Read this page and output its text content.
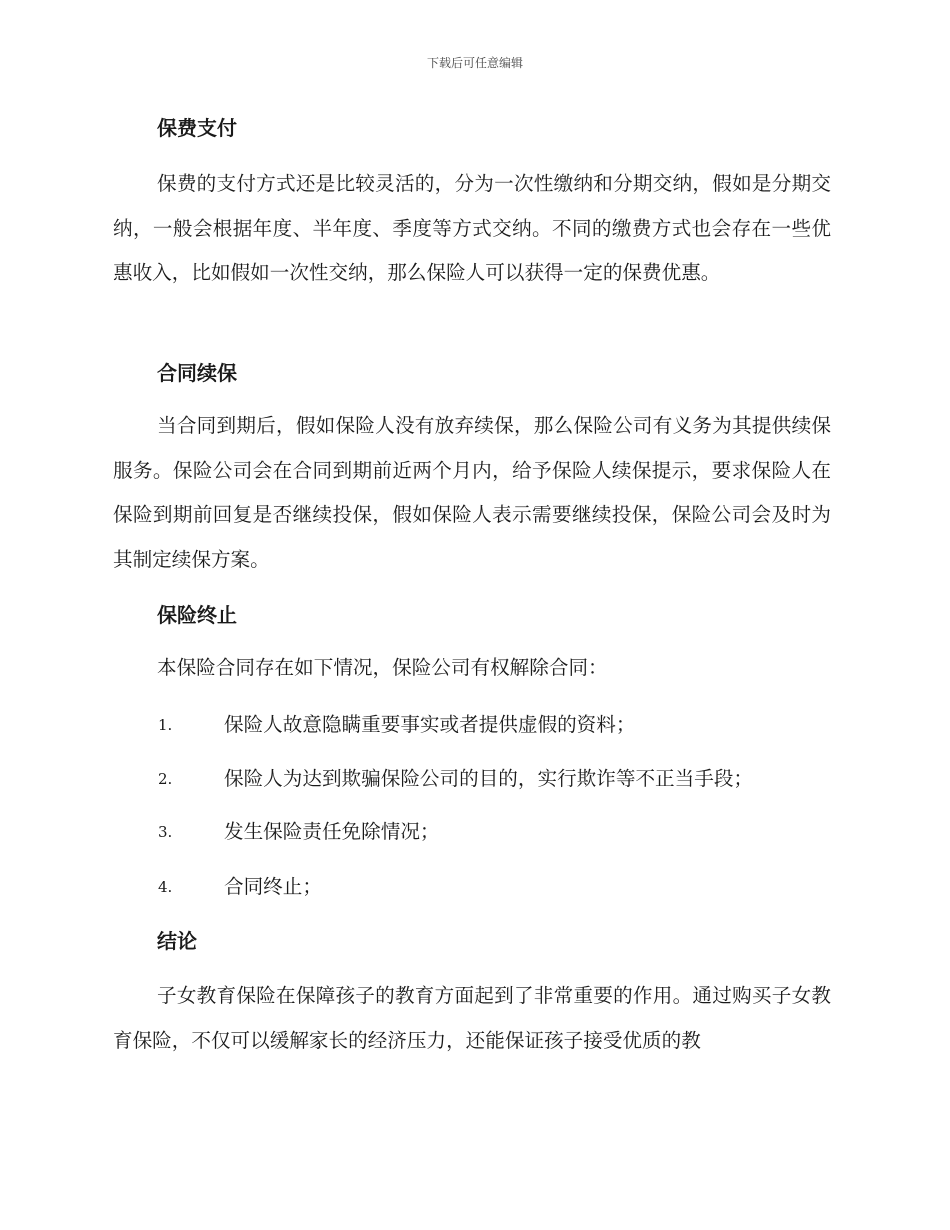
下载后可任意编辑
保费支付
保费的支付方式还是比较灵活的，分为一次性缴纳和分期交纳，假如是分期交纳，一般会根据年度、半年度、季度等方式交纳。不同的缴费方式也会存在一些优惠收入，比如假如一次性交纳，那么保险人可以获得一定的保费优惠。
合同续保
当合同到期后，假如保险人没有放弃续保，那么保险公司有义务为其提供续保服务。保险公司会在合同到期前近两个月内，给予保险人续保提示，要求保险人在保险到期前回复是否继续投保，假如保险人表示需要继续投保，保险公司会及时为其制定续保方案。
保险终止
本保险合同存在如下情况，保险公司有权解除合同：
1.	保险人故意隐瞒重要事实或者提供虚假的资料；
2.	保险人为达到欺骗保险公司的目的，实行欺诈等不正当手段；
3.	发生保险责任免除情况；
4.	合同终止；
结论
子女教育保险在保障孩子的教育方面起到了非常重要的作用。通过购买子女教育保险，不仅可以缓解家长的经济压力，还能保证孩子接受优质的教
